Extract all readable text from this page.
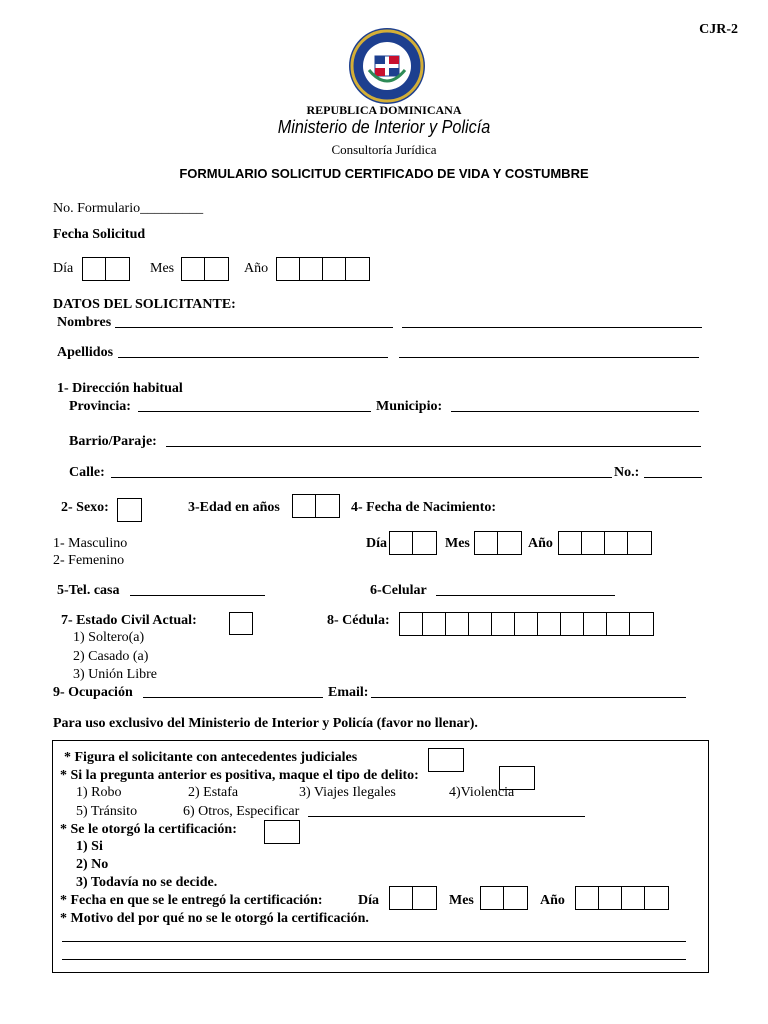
CJR-2
REPUBLICA DOMINICANA
Ministerio de Interior y Policía
Consultoría Jurídica
FORMULARIO SOLICITUD CERTIFICADO DE VIDA Y COSTUMBRE
No. Formulario_________
Fecha Solicitud
Día	Mes	Año
DATOS DEL SOLICITANTE:
Nombres
Apellidos
1- Dirección habitual
Provincia:	Municipio:
Barrio/Paraje:
Calle:	No.:
2- Sexo:	3-Edad en años	4- Fecha de Nacimiento:
1- Masculino
2- Femenino
Día	Mes	Año
5-Tel. casa	6-Celular
7- Estado Civil Actual:
1) Soltero(a)
2) Casado (a)
3) Unión Libre
8- Cédula:
9- Ocupación	Email:
Para uso exclusivo del Ministerio de Interior y Policía (favor no llenar).
* Figura el solicitante con antecedentes judiciales
* Si la pregunta anterior es positiva, maque el tipo de delito:
1) Robo	2) Estafa	3) Viajes Ilegales	4)Violencia
5) Tránsito	6) Otros, Especificar
* Se le otorgó la certificación:
1) Si
2) No
3) Todavía no se decide.
* Fecha en que se le entregó la certificación:	Día	Mes	Año
* Motivo del por qué no se le otorgó la certificación.
